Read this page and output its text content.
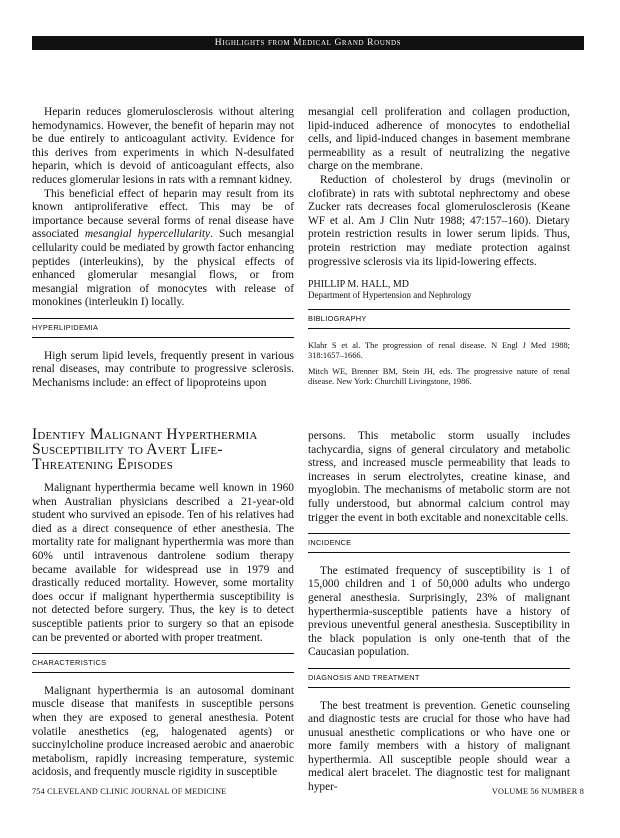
Highlights from Medical Grand Rounds

Heparin reduces glomerulosclerosis without altering hemodynamics. However, the benefit of heparin may not be due entirely to anticoagulant activity. Evidence for this derives from experiments in which N-desulfated heparin, which is devoid of anticoagulant effects, also reduces glomerular lesions in rats with a remnant kidney.

This beneficial effect of heparin may result from its known antiproliferative effect. This may be of importance because several forms of renal disease have associated mesangial hypercellularity. Such mesangial cellularity could be mediated by growth factor enhancing peptides (interleukins), by the physical effects of enhanced glomerular mesangial flows, or from mesangial migration of monocytes with release of monokines (interleukin I) locally.

HYPERLIPIDEMIA

High serum lipid levels, frequently present in various renal diseases, may contribute to progressive sclerosis. Mechanisms include: an effect of lipoproteins upon

mesangial cell proliferation and collagen production, lipid-induced adherence of monocytes to endothelial cells, and lipid-induced changes in basement membrane permeability as a result of neutralizing the negative charge on the membrane.

Reduction of cholesterol by drugs (mevinolin or clofibrate) in rats with subtotal nephrectomy and obese Zucker rats decreases focal glomerulosclerosis (Keane WF et al. Am J Clin Nutr 1988; 47:157–160). Dietary protein restriction results in lower serum lipids. Thus, protein restriction may mediate protection against progressive sclerosis via its lipid-lowering effects.

PHILLIP M. HALL, MD
Department of Hypertension and Nephrology
BIBLIOGRAPHY

Klahr S et al. The progression of renal disease. N Engl J Med 1988; 318:1657–1666.

Mitch WE, Brenner BM, Stein JH, eds. The progressive nature of renal disease. New York: Churchill Livingstone, 1986.

Identify Malignant Hyperthermia Susceptibility to Avert Life-Threatening Episodes

Malignant hyperthermia became well known in 1960 when Australian physicians described a 21-year-old student who survived an episode. Ten of his relatives had died as a direct consequence of ether anesthesia. The mortality rate for malignant hyperthermia was more than 60% until intravenous dantrolene sodium therapy became available for widespread use in 1979 and drastically reduced mortality. However, some mortality does occur if malignant hyperthermia susceptibility is not detected before surgery. Thus, the key is to detect susceptible patients prior to surgery so that an episode can be prevented or aborted with proper treatment.

CHARACTERISTICS

Malignant hyperthermia is an autosomal dominant muscle disease that manifests in susceptible persons when they are exposed to general anesthesia. Potent volatile anesthetics (eg, halogenated agents) or succinylcholine produce increased aerobic and anaerobic metabolism, rapidly increasing temperature, systemic acidosis, and frequently muscle rigidity in susceptible

persons. This metabolic storm usually includes tachycardia, signs of general circulatory and metabolic stress, and increased muscle permeability that leads to increases in serum electrolytes, creatine kinase, and myoglobin. The mechanisms of metabolic storm are not fully understood, but abnormal calcium control may trigger the event in both excitable and nonexcitable cells.

INCIDENCE

The estimated frequency of susceptibility is 1 of 15,000 children and 1 of 50,000 adults who undergo general anesthesia. Surprisingly, 23% of malignant hyperthermia-susceptible patients have a history of previous uneventful general anesthesia. Susceptibility in the black population is only one-tenth that of the Caucasian population.

DIAGNOSIS AND TREATMENT

The best treatment is prevention. Genetic counseling and diagnostic tests are crucial for those who have had unusual anesthetic complications or who have one or more family members with a history of malignant hyperthermia. All susceptible people should wear a medical alert bracelet. The diagnostic test for malignant hyper-

754 CLEVELAND CLINIC JOURNAL OF MEDICINE	VOLUME 56 NUMBER 8
